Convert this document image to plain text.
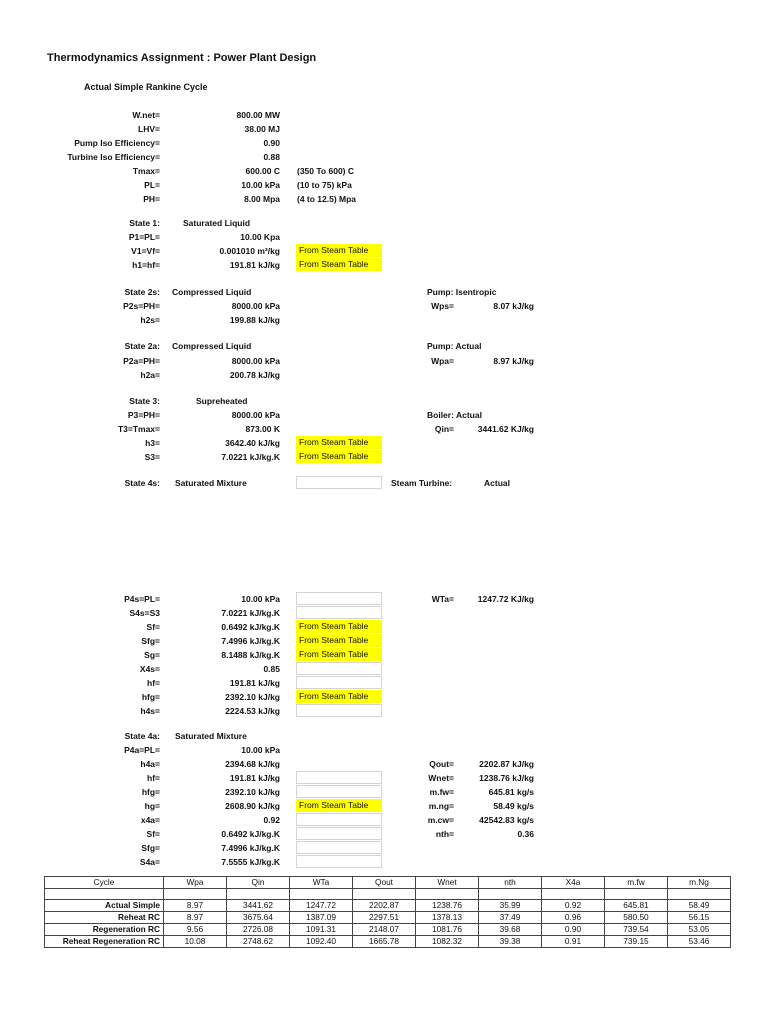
Thermodynamics Assignment : Power Plant Design
Actual Simple Rankine Cycle
W.net=	800.00 MW
LHV=	38.00 MJ
Pump Iso Efficiency=	0.90
Turbine Iso Efficiency=	0.88
Tmax=	600.00 C (350 To 600) C
PL=	10.00 kPa (10 to 75) kPa
PH=	8.00 Mpa (4 to 12.5) Mpa
State 1:	Saturated Liquid
P1=PL=	10.00 Kpa
From Steam Table
V1=Vf=	0.001010 m³/kg
From Steam Table
h1=hf=	191.81 kJ/kg
State 2s: Compressed Liquid
P2s=PH=	8000.00 kPa
h2s=	199.88 kJ/kg
Pump: Isentropic
Wps=	8.07 kJ/kg
State 2a: Compressed Liquid
P2a=PH=	8000.00 kPa
h2a=	200.78 kJ/kg
Pump: Actual
Wpa=	8.97 kJ/kg
State 3:	Supreheated
P3=PH=	8000.00 kPa
T3=Tmax=	873.00 K
From Steam Table
h3=	3642.40 kJ/kg
From Steam Table
S3=	7.0221 kJ/kg.K
Boiler: Actual
Qin=	3441.62 KJ/kg
State 4s: Saturated Mixture	Steam Turbine:	Actual
P4s=PL=	10.00 kPa
S4s=S3	7.0221 kJ/kg.K
From Steam Table
Sf=	0.6492 kJ/kg.K
From Steam Table
Sfg=	7.4996 kJ/kg.K
From Steam Table
Sg=	8.1488 kJ/kg.K
X4s=	0.85
hf=	191.81 kJ/kg
From Steam Table
hfg=	2392.10 kJ/kg
h4s=	2224.53 kJ/kg
WTa=	1247.72 KJ/kg
State 4a: Saturated Mixture
P4a=PL=	10.00 kPa
h4a=	2394.68 kJ/kg
hf=	191.81 kJ/kg
hfg=	2392.10 kJ/kg
From Steam Table
hg=	2608.90 kJ/kg
x4a=	0.92
Sf=	0.6492 kJ/kg.K
Sfg=	7.4996 kJ/kg.K
S4a=	7.5555 kJ/kg.K
Qout=	2202.87 kJ/kg
Wnet=	1238.76 kJ/kg
m.fw=	645.81 kg/s
m.ng=	58.49 kg/s
m.cw=	42542.83 kg/s
nth=	0.36
Cycle	Wpa	Qin	WTa	Qout	Wnet	nth	X4a	m.fw	m.Ng

Actual Simple	8.97	3441.62	1247.72	2202.87	1238.76	35.99	0.92	645.81	58.49
Reheat RC	8.97	3675.64	1387.09	2297.51	1378.13	37.49	0.96	580.50	56.15
Regeneration RC	9.56	2726.08	1091.31	2148.07	1081.76	39.68	0.90	739.54	53.05
Reheat Regeneration RC	10.08	2748.62	1092.40	1665.78	1082.32	39.38	0.91	739.15	53.46
